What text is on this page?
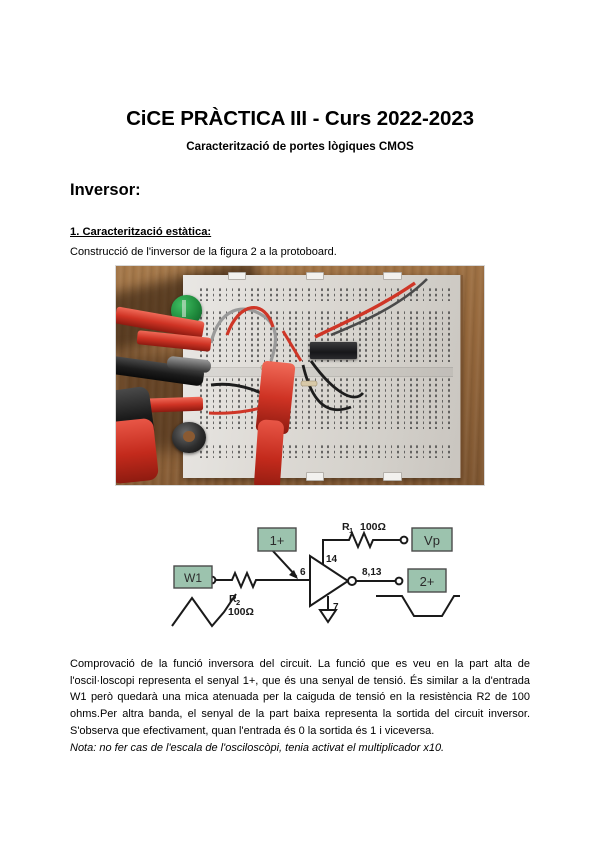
CiCE PRÀCTICA III - Curs 2022-2023
Caracterització de portes lògiques CMOS
Inversor:
1. Caracterització estàtica:

Construcció de l'inversor de la figura 2 a la protoboard.

W1
1+	Vp
2+
R 2
100Ω
R 1 100Ω
6
14
7
8,13

Comprovació de la funció inversora del circuit. La funció que es veu en la part alta de l'oscil·loscopi representa el senyal 1+, que és una senyal de tensió. És similar a la d'entrada W1 però quedarà una mica atenuada per la caiguda de tensió en la resistència R2 de 100 ohms.Per altra banda, el senyal de la part baixa representa la sortida del circuit inversor. S'observa que efectivament, quan l'entrada és 0 la sortida és 1 i viceversa.

Nota: no fer cas de l'escala de l'osciloscòpi, tenia activat el multiplicador x10.
